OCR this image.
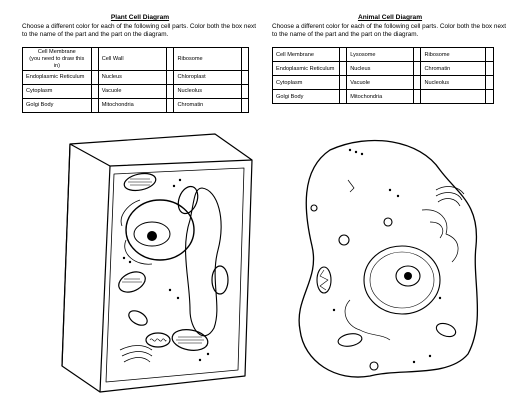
Plant Cell Diagram

Choose a different color for each of the following cell parts. Color both the box next to the name of the part and the part on the diagram.

Cell Membrane
(you need to draw this in)		Cell Wall		Ribosome	
Endoplasmic Reticulum		Nucleus		Chloroplast	
Cytoplasm		Vacuole		Nucleolus	
Golgi Body		Mitochondria		Chromatin	
Animal Cell Diagram

Choose a different color for each of the following cell parts. Color both the box next to the name of the part and the part on the diagram.

Cell Membrane		Lysosome		Ribosome	
Endoplasmic Reticulum		Nucleus		Chromatin	
Cytoplasm		Vacuole		Nucleolus	
Golgi Body		Mitochondria			
